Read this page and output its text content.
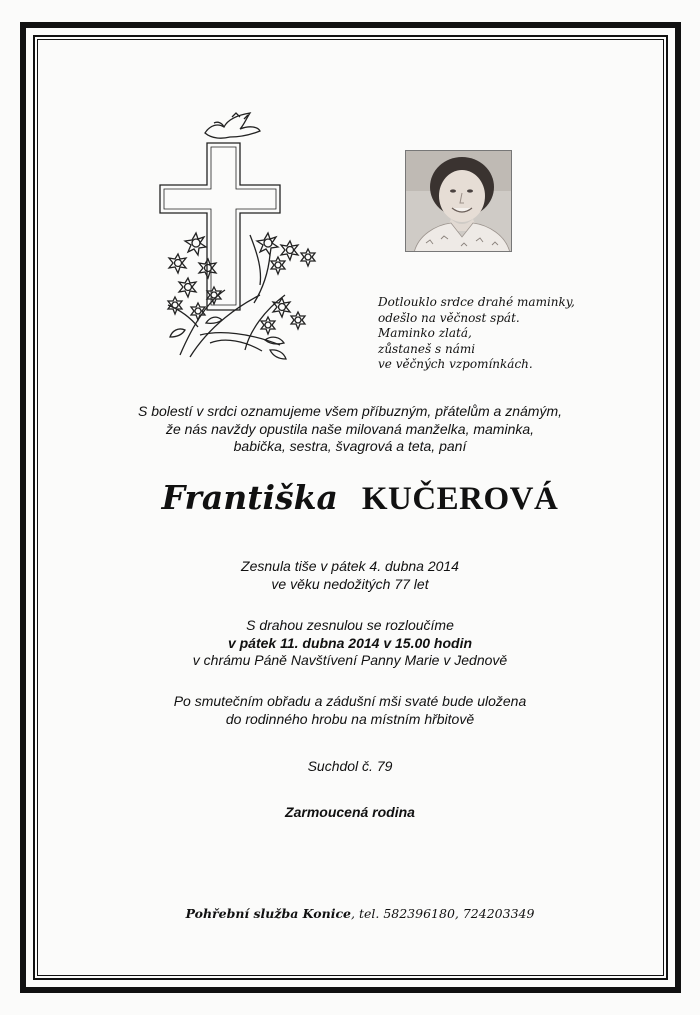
Dotlouklo srdce drahé maminky,
odešlo na věčnost spát.
Maminko zlatá,
zůstaneš s námi
ve věčných vzpomínkách.
S bolestí v srdci oznamujeme všem příbuzným, přátelům a známým,
že nás navždy opustila naše milovaná manželka, maminka,
babička, sestra, švagrová a teta, paní
Františka KUČEROVÁ
Zesnula tiše v pátek 4. dubna 2014
ve věku nedožitých 77 let
S drahou zesnulou se rozloučíme
v pátek 11. dubna 2014 v 15.00 hodin
v chrámu Páně Navštívení Panny Marie v Jednově
Po smutečním obřadu a zádušní mši svaté bude uložena
do rodinného hrobu na místním hřbitově
Suchdol č. 79
Zarmoucená rodina
Pohřební služba Konice, tel. 582396180, 724203349
